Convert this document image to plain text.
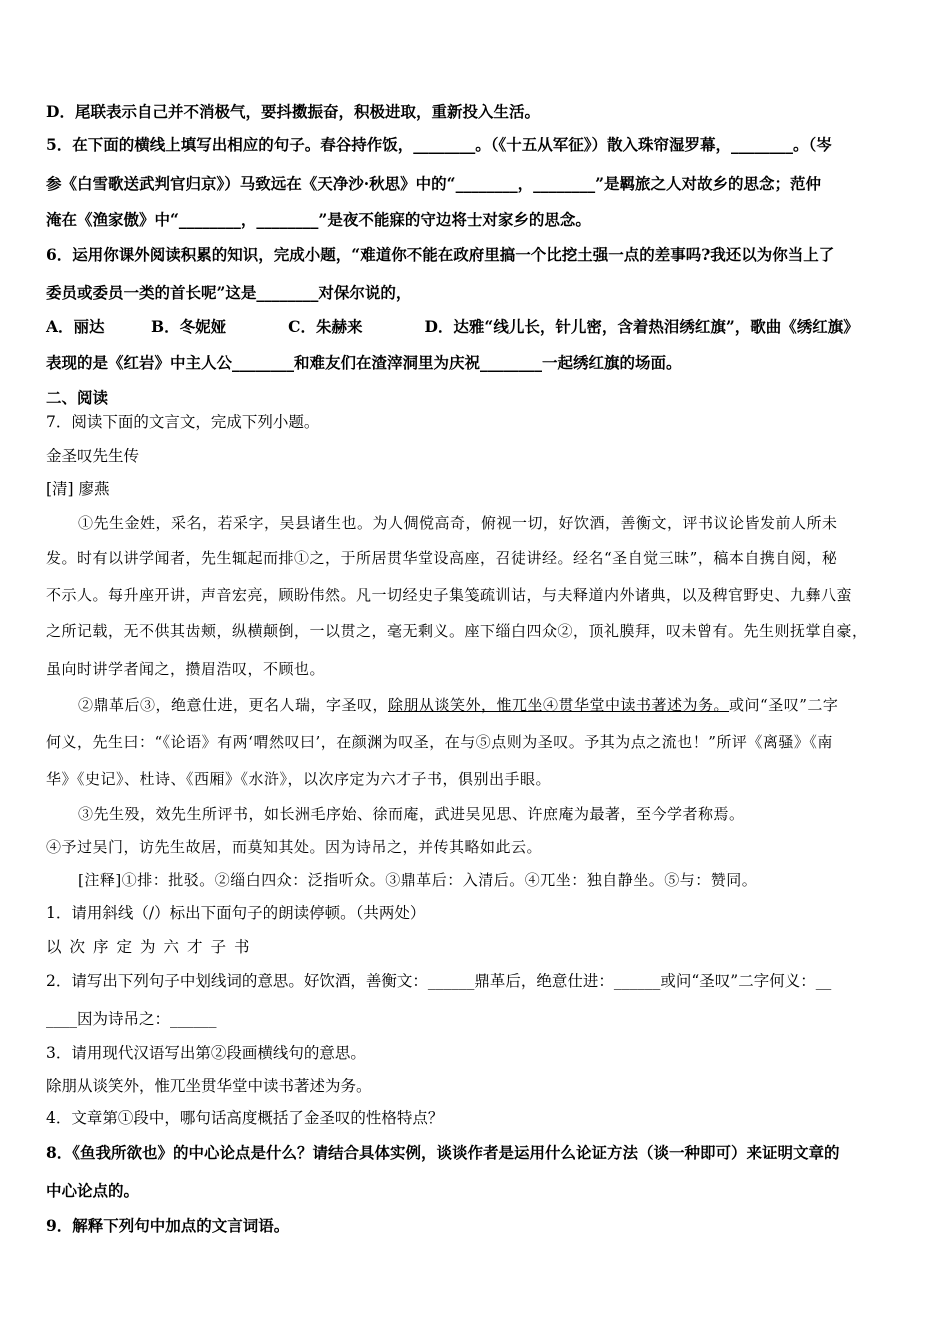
D．尾联表示自己并不消极气，要抖擞振奋，积极进取，重新投入生活。
5．在下面的横线上填写出相应的句子。春谷持作饭，________。（《十五从军征》）散入珠帘湿罗幕，________。（岑
参《白雪歌送武判官归京》）马致远在《天净沙·秋思》中的“________，________”是羁旅之人对故乡的思念；范仲
淹在《渔家傲》中“________，________”是夜不能寐的守边将士对家乡的思念。
6．运用你课外阅读积累的知识，完成小题，“难道你不能在政府里搞一个比挖土强一点的差事吗?我还以为你当上了
委员或委员一类的首长呢”这是________对保尔说的，
A．丽达　　　B．冬妮娅　　　　C．朱赫来　　　　D．达雅“线儿长，针儿密，含着热泪绣红旗”，歌曲《绣红旗》
表现的是《红岩》中主人公________和难友们在渣滓洞里为庆祝________一起绣红旗的场面。
二、阅读
7．阅读下面的文言文，完成下列小题。
金圣叹先生传
[清] 廖燕
①先生金姓，采名，若采字，吴县诸生也。为人倜傥高奇，俯视一切，好饮酒，善衡文，评书议论皆发前人所未
发。时有以讲学闻者，先生辄起而排①之，于所居贯华堂设高座，召徒讲经。经名“圣自觉三昧”，稿本自携自阅，秘
不示人。每升座开讲，声音宏亮，顾盼伟然。凡一切经史子集笺疏训诂，与夫释道内外诸典，以及稗官野史、九彝八蛮
之所记载，无不供其齿颊，纵横颠倒，一以贯之，毫无剩义。座下缁白四众②，顶礼膜拜，叹未曾有。先生则抚掌自豪，
虽向时讲学者闻之，攒眉浩叹，不顾也。
②鼎革后③，绝意仕进，更名人瑞，字圣叹，除朋从谈笑外，惟兀坐④贯华堂中读书著述为务。或问“圣叹”二字
何义，先生曰：“《论语》有两‘喟然叹曰’，在颜渊为叹圣，在与⑤点则为圣叹。予其为点之流也！”所评《离骚》《南
华》《史记》、杜诗、《西厢》《水浒》，以次序定为六才子书，俱别出手眼。
③先生殁，效先生所评书，如长洲毛序始、徐而庵，武进吴见思、许庶庵为最著，至今学者称焉。
④予过吴门，访先生故居，而莫知其处。因为诗吊之，并传其略如此云。
[注释]①排：批驳。②缁白四众：泛指听众。③鼎革后：入清后。④兀坐：独自静坐。⑤与：赞同。
1．请用斜线（/）标出下面句子的朗读停顿。（共两处）
以次序定为六才子书
2．请写出下列句子中划线词的意思。好饮酒，善衡文：______鼎革后，绝意仕进：______或问“圣叹”二字何义：__
____因为诗吊之：______
3．请用现代汉语写出第②段画横线句的意思。
除朋从谈笑外，惟兀坐贯华堂中读书著述为务。
4．文章第①段中，哪句话高度概括了金圣叹的性格特点？
8．《鱼我所欲也》的中心论点是什么？请结合具体实例，谈谈作者是运用什么论证方法（谈一种即可）来证明文章的
中心论点的。
9．解释下列句中加点的文言词语。
